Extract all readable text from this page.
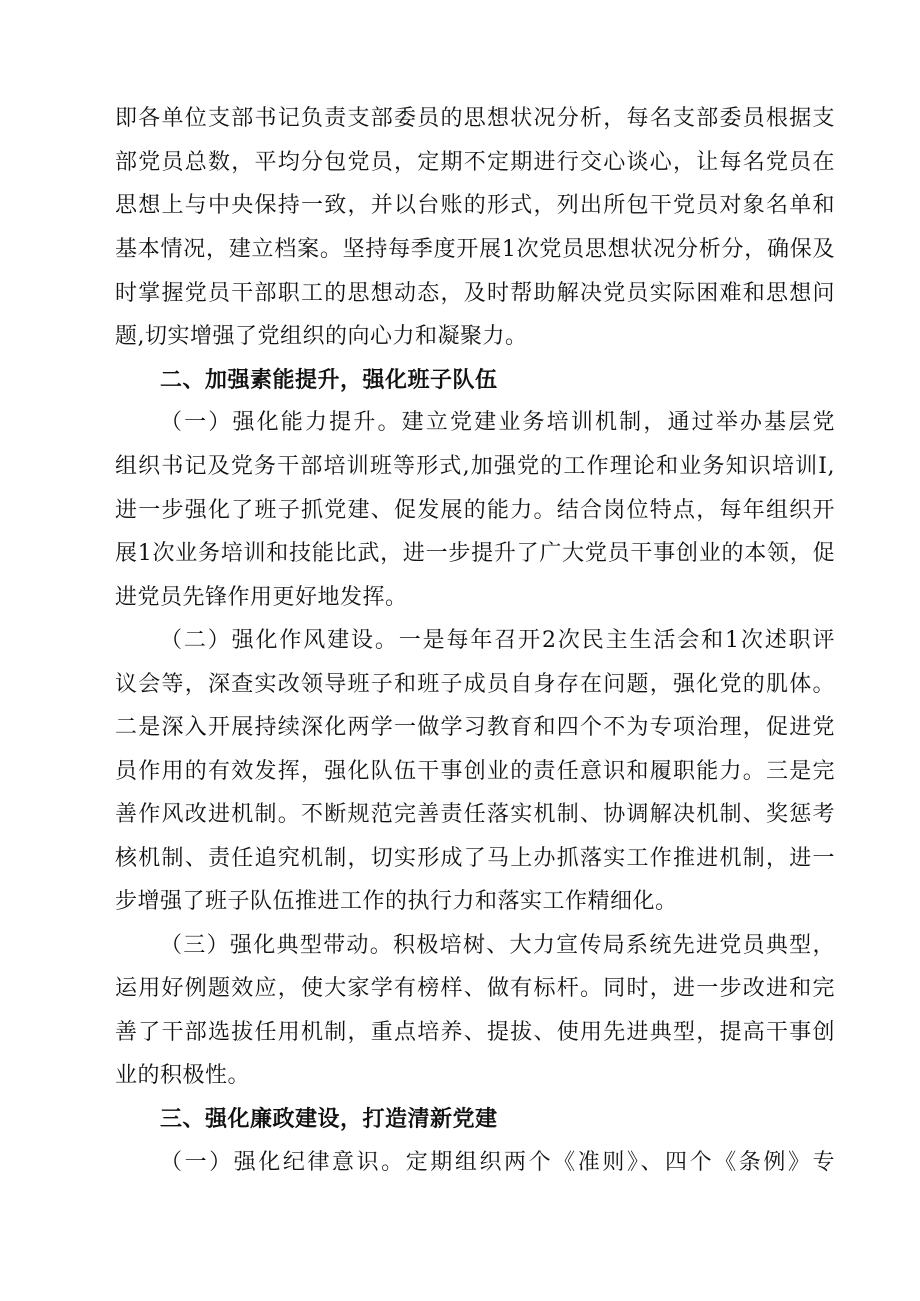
即各单位支部书记负责支部委员的思想状况分析，每名支部委员根据支
部党员总数，平均分包党员，定期不定期进行交心谈心，让每名党员在
思想上与中央保持一致，并以台账的形式，列出所包干党员对象名单和
基本情况，建立档案。坚持每季度开展1次党员思想状况分析分，确保及
时掌握党员干部职工的思想动态，及时帮助解决党员实际困难和思想问
题,切实增强了党组织的向心力和凝聚力。
二、加强素能提升，强化班子队伍
（一）强化能力提升。建立党建业务培训机制，通过举办基层党
组织书记及党务干部培训班等形式,加强党的工作理论和业务知识培训I,
进一步强化了班子抓党建、促发展的能力。结合岗位特点，每年组织开
展1次业务培训和技能比武，进一步提升了广大党员干事创业的本领，促
进党员先锋作用更好地发挥。
（二）强化作风建设。一是每年召开2次民主生活会和1次述职评
议会等，深查实改领导班子和班子成员自身存在问题，强化党的肌体。
二是深入开展持续深化两学一做学习教育和四个不为专项治理，促进党
员作用的有效发挥，强化队伍干事创业的责任意识和履职能力。三是完
善作风改进机制。不断规范完善责任落实机制、协调解决机制、奖惩考
核机制、责任追究机制，切实形成了马上办抓落实工作推进机制，进一
步增强了班子队伍推进工作的执行力和落实工作精细化。
（三）强化典型带动。积极培树、大力宣传局系统先进党员典型，
运用好例题效应，使大家学有榜样、做有标杆。同时，进一步改进和完
善了干部选拔任用机制，重点培养、提拔、使用先进典型，提高干事创
业的积极性。
三、强化廉政建设，打造清新党建
（一）强化纪律意识。定期组织两个《准则》、四个《条例》专
